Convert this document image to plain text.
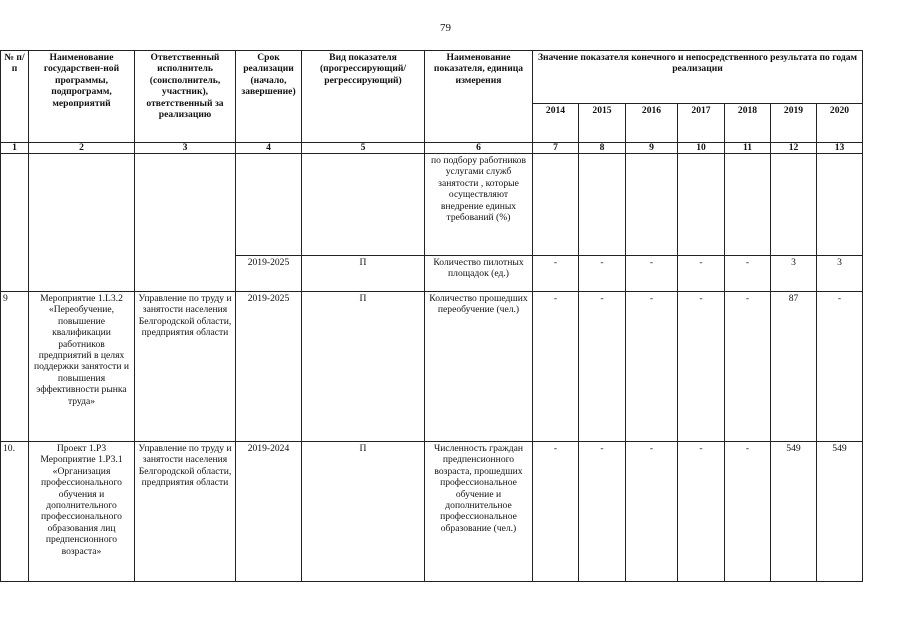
79
№ п/п	Наименование государствен-ной программы, подпрограмм, мероприятий	Ответственный исполнитель (соисполнитель, участник), ответственный за реализацию	Срок реализации (начало, завершение)	Вид показателя (прогрессирующий/ регрессирующий)	Наименование показателя, единица измерения	Значение показателя конечного и непосредственного результата по годам реализации						
						2014	2015	2016	2017	2018	2019	2020
1	2	3	4	5	6	7	8	9	10	11	12	13
					по подбору работников услугами служб занятости , которые осуществляют внедрение единых требований (%)							
			2019-2025	П	Количество пилотных площадок (ед.)	-	-	-	-	-	3	3
9	Мероприятие 1.L3.2 «Переобучение, повышение квалификации работников предприятий в целях поддержки занятости и повышения эффективности рынка труда»	Управление по труду и занятости населения Белгородской области, предприятия области	2019-2025	П	Количество прошедших переобучение (чел.)	-	-	-	-	-	87	-
10.	Проект 1.Р3 Мероприятие 1.Р3.1 «Организация профессионального обучения и дополнительного профессионального образования лиц предпенсионного возраста»	Управление по труду и занятости населения Белгородской области, предприятия области	2019-2024	П	Численность граждан предпенсионного возраста, прошедших профессиональное обучение и дополнительное профессиональное образование (чел.)	-	-	-	-	-	549	549
